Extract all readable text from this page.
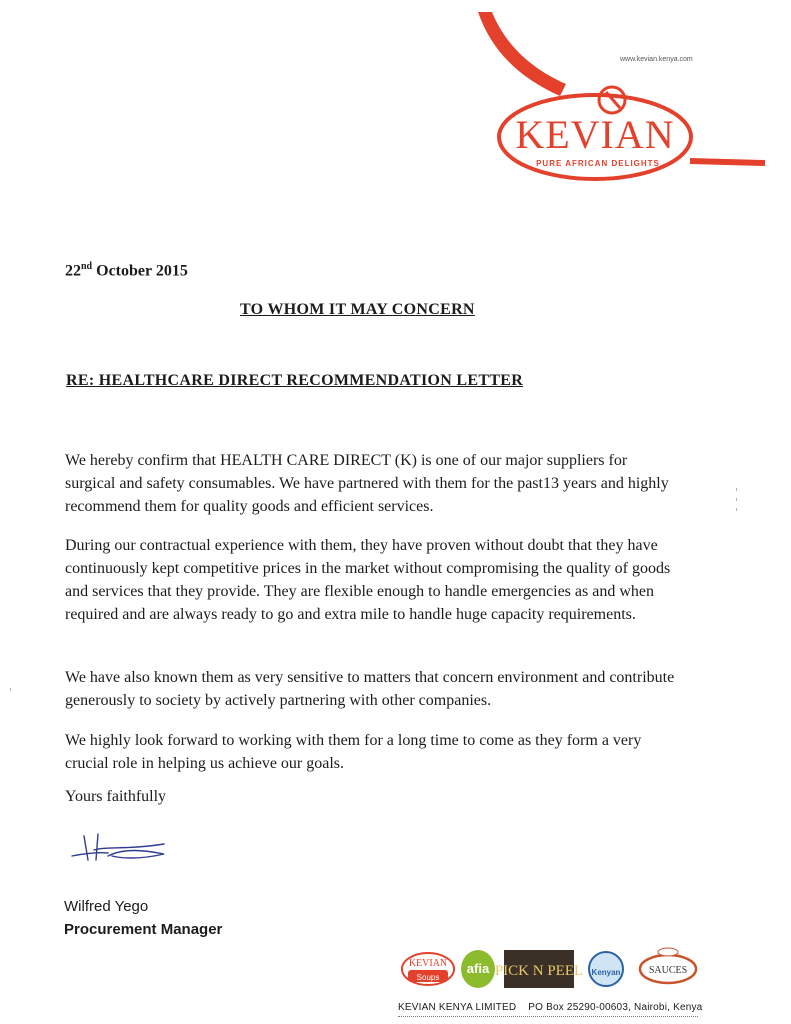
www.kevian.kenya.com
KEVIAN
PURE AFRICAN DELIGHTS
22nd October 2015
TO WHOM IT MAY CONCERN
RE: HEALTHCARE DIRECT RECOMMENDATION LETTER
We hereby confirm that HEALTH CARE DIRECT (K) is one of our major suppliers for surgical and safety consumables. We have partnered with them for the past13 years and highly recommend them for quality goods and efficient services.
During our contractual experience with them, they have proven without doubt that they have continuously kept competitive prices in the market without compromising the quality of goods and services that they provide. They are flexible enough to handle emergencies as and when required and are always ready to go and extra mile to handle huge capacity requirements.
We have also known them as very sensitive to matters that concern environment and contribute generously to society by actively partnering with other companies.
We highly look forward to working with them for a long time to come as they form a very crucial role in helping us achieve our goals.
Yours faithfully
Wilfred Yego
Procurement Manager
KEVIAN
Soups
afia PICK N PEEL Kenyan	SAUCES
KEVIAN KENYA LIMITED PO Box 25290-00603, Nairobi, Kenya
